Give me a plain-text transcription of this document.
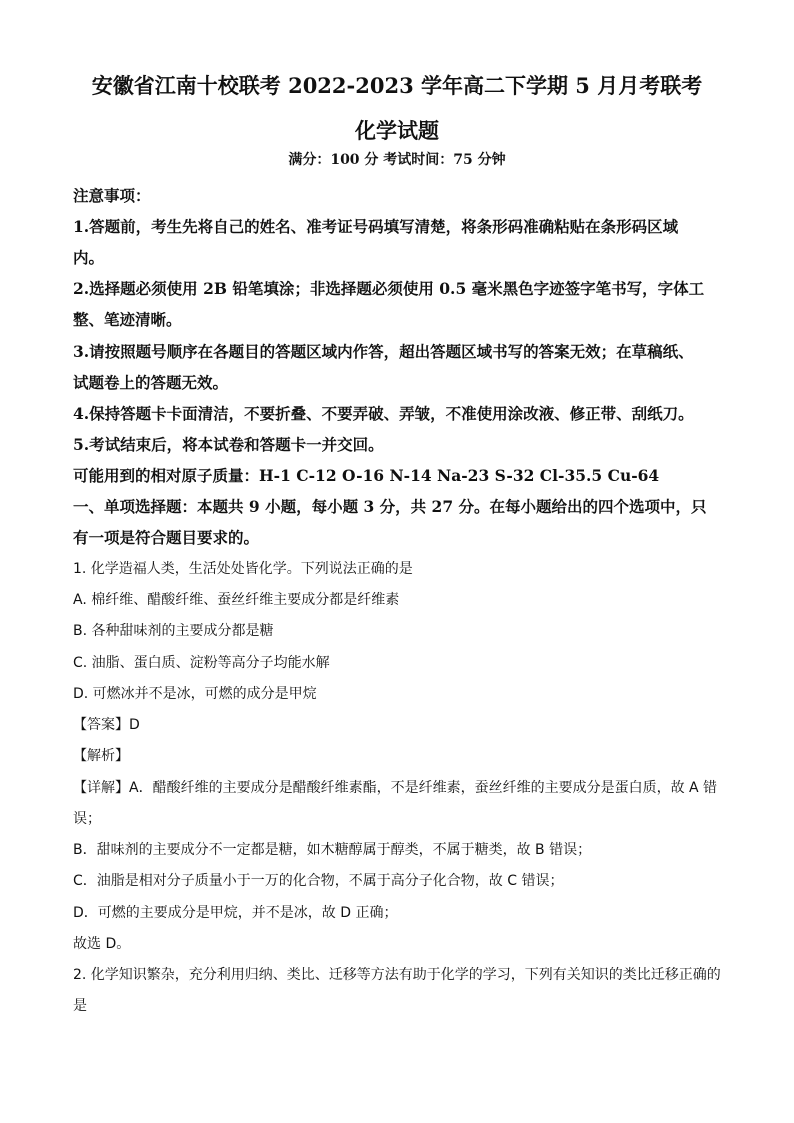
安徽省江南十校联考 2022-2023 学年高二下学期 5 月月考联考
化学试题
满分：100 分 考试时间：75 分钟
注意事项：
1.答题前，考生先将自己的姓名、准考证号码填写清楚，将条形码准确粘贴在条形码区域
内。
2.选择题必须使用 2B 铅笔填涂；非选择题必须使用 0.5 毫米黑色字迹签字笔书写，字体工
整、笔迹清晰。
3.请按照题号顺序在各题目的答题区域内作答，超出答题区域书写的答案无效；在草稿纸、
试题卷上的答题无效。
4.保持答题卡卡面清洁，不要折叠、不要弄破、弄皱，不准使用涂改液、修正带、刮纸刀。
5.考试结束后，将本试卷和答题卡一并交回。
可能用到的相对原子质量：H-1 C-12 O-16 N-14 Na-23 S-32 Cl-35.5 Cu-64
一、单项选择题：本题共 9 小题，每小题 3 分，共 27 分。在每小题给出的四个选项中，只
有一项是符合题目要求的。
1. 化学造福人类，生活处处皆化学。下列说法正确的是
A. 棉纤维、醋酸纤维、蚕丝纤维主要成分都是纤维素
B. 各种甜味剂的主要成分都是糖
C. 油脂、蛋白质、淀粉等高分子均能水解
D. 可燃冰并不是冰，可燃的成分是甲烷
【答案】D
【解析】
【详解】A．醋酸纤维的主要成分是醋酸纤维素酯，不是纤维素，蚕丝纤维的主要成分是蛋白质，故 A 错
误；
B．甜味剂的主要成分不一定都是糖，如木糖醇属于醇类，不属于糖类，故 B 错误；
C．油脂是相对分子质量小于一万的化合物，不属于高分子化合物，故 C 错误；
D．可燃的主要成分是甲烷，并不是冰，故 D 正确；
故选 D。
2. 化学知识繁杂，充分利用归纳、类比、迁移等方法有助于化学的学习，下列有关知识的类比迁移正确的
是
